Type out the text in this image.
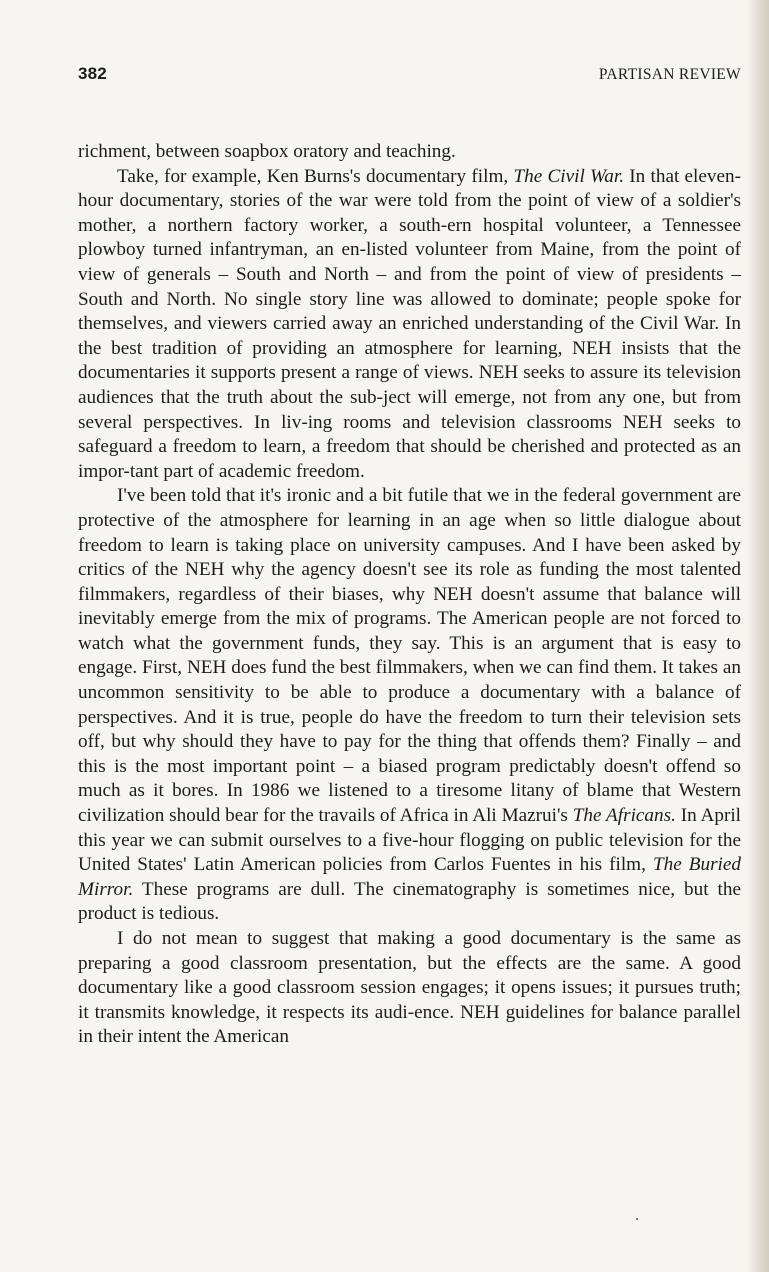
382	PARTISAN REVIEW

richment, between soapbox oratory and teaching.

Take, for example, Ken Burns's documentary film, The Civil War. In that eleven-hour documentary, stories of the war were told from the point of view of a soldier's mother, a northern factory worker, a south-ern hospital volunteer, a Tennessee plowboy turned infantryman, an en-listed volunteer from Maine, from the point of view of generals – South and North – and from the point of view of presidents – South and North. No single story line was allowed to dominate; people spoke for themselves, and viewers carried away an enriched understanding of the Civil War. In the best tradition of providing an atmosphere for learning, NEH insists that the documentaries it supports present a range of views. NEH seeks to assure its television audiences that the truth about the sub-ject will emerge, not from any one, but from several perspectives. In liv-ing rooms and television classrooms NEH seeks to safeguard a freedom to learn, a freedom that should be cherished and protected as an impor-tant part of academic freedom.

I've been told that it's ironic and a bit futile that we in the federal government are protective of the atmosphere for learning in an age when so little dialogue about freedom to learn is taking place on university campuses. And I have been asked by critics of the NEH why the agency doesn't see its role as funding the most talented filmmakers, regardless of their biases, why NEH doesn't assume that balance will inevitably emerge from the mix of programs. The American people are not forced to watch what the government funds, they say. This is an argument that is easy to engage. First, NEH does fund the best filmmakers, when we can find them. It takes an uncommon sensitivity to be able to produce a documentary with a balance of perspectives. And it is true, people do have the freedom to turn their television sets off, but why should they have to pay for the thing that offends them? Finally – and this is the most important point – a biased program predictably doesn't offend so much as it bores. In 1986 we listened to a tiresome litany of blame that Western civilization should bear for the travails of Africa in Ali Mazrui's The Africans. In April this year we can submit ourselves to a five-hour flogging on public television for the United States' Latin American policies from Carlos Fuentes in his film, The Buried Mirror. These programs are dull. The cinematography is sometimes nice, but the product is tedious.

I do not mean to suggest that making a good documentary is the same as preparing a good classroom presentation, but the effects are the same. A good documentary like a good classroom session engages; it opens issues; it pursues truth; it transmits knowledge, it respects its audi-ence. NEH guidelines for balance parallel in their intent the American
